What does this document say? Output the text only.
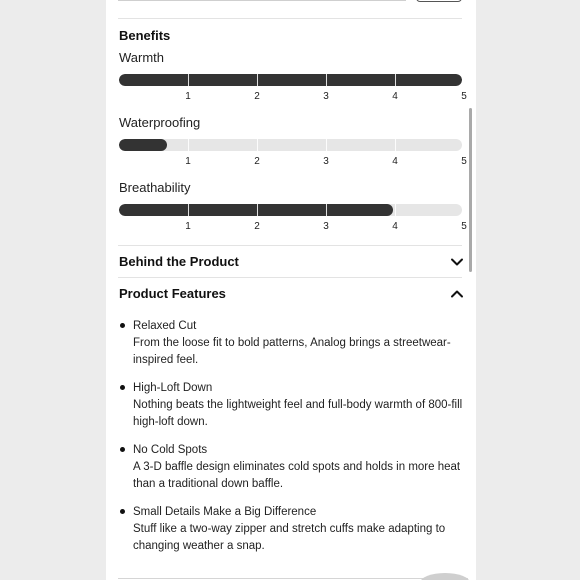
Benefits
Warmth
1	2	3	4	5
Waterproofing
1	2	3	4	5
Breathability
1	2	3	4	5
Behind the Product
Product Features
Relaxed Cut
From the loose fit to bold patterns, Analog brings a streetwear-inspired feel.
High-Loft Down
Nothing beats the lightweight feel and full-body warmth of 800-fill high-loft down.
No Cold Spots
A 3-D baffle design eliminates cold spots and holds in more heat than a traditional down baffle.
Small Details Make a Big Difference
Stuff like a two-way zipper and stretch cuffs make adapting to changing weather a snap.
